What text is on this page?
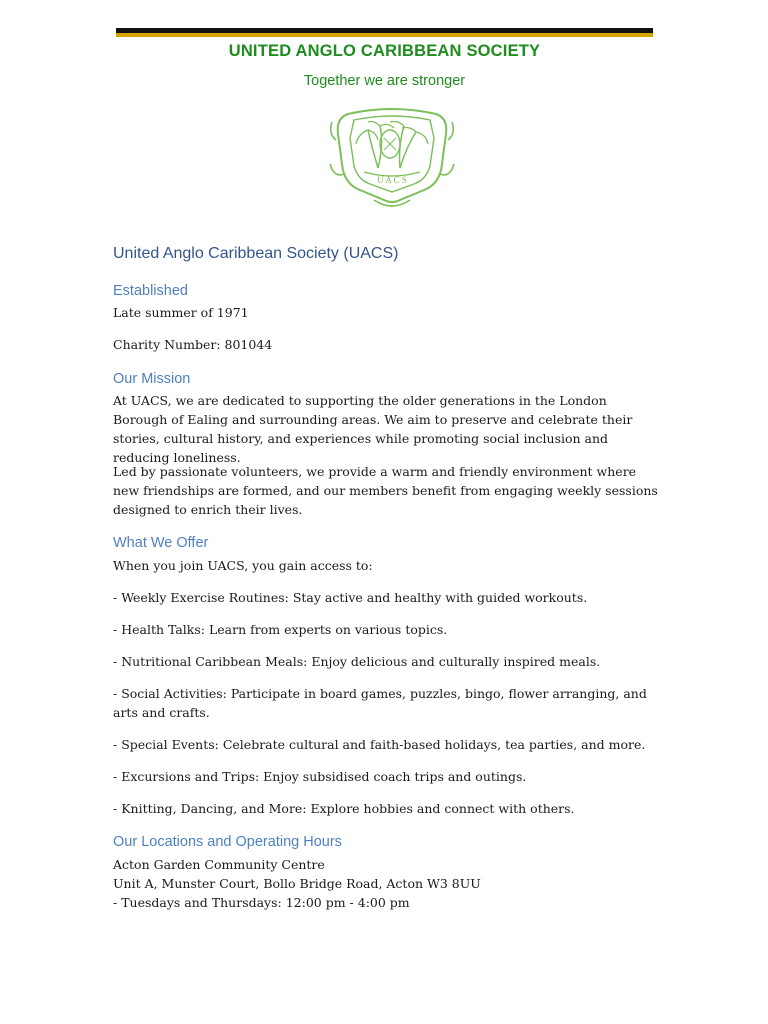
UNITED ANGLO CARIBBEAN SOCIETY
Together we are stronger
U A C S
United Anglo Caribbean Society (UACS)
Established

Late summer of 1971

Charity Number: 801044

Our Mission

At UACS, we are dedicated to supporting the older generations in the London Borough of Ealing and surrounding areas. We aim to preserve and celebrate their stories, cultural history, and experiences while promoting social inclusion and reducing loneliness.

Led by passionate volunteers, we provide a warm and friendly environment where new friendships are formed, and our members benefit from engaging weekly sessions designed to enrich their lives.

What We Offer

When you join UACS, you gain access to:

- Weekly Exercise Routines: Stay active and healthy with guided workouts.

- Health Talks: Learn from experts on various topics.

- Nutritional Caribbean Meals: Enjoy delicious and culturally inspired meals.

- Social Activities: Participate in board games, puzzles, bingo, flower arranging, and arts and crafts.

- Special Events: Celebrate cultural and faith-based holidays, tea parties, and more.

- Excursions and Trips: Enjoy subsidised coach trips and outings.

- Knitting, Dancing, and More: Explore hobbies and connect with others.

Our Locations and Operating Hours

Acton Garden Community Centre

Unit A, Munster Court, Bollo Bridge Road, Acton W3 8UU

- Tuesdays and Thursdays: 12:00 pm - 4:00 pm
